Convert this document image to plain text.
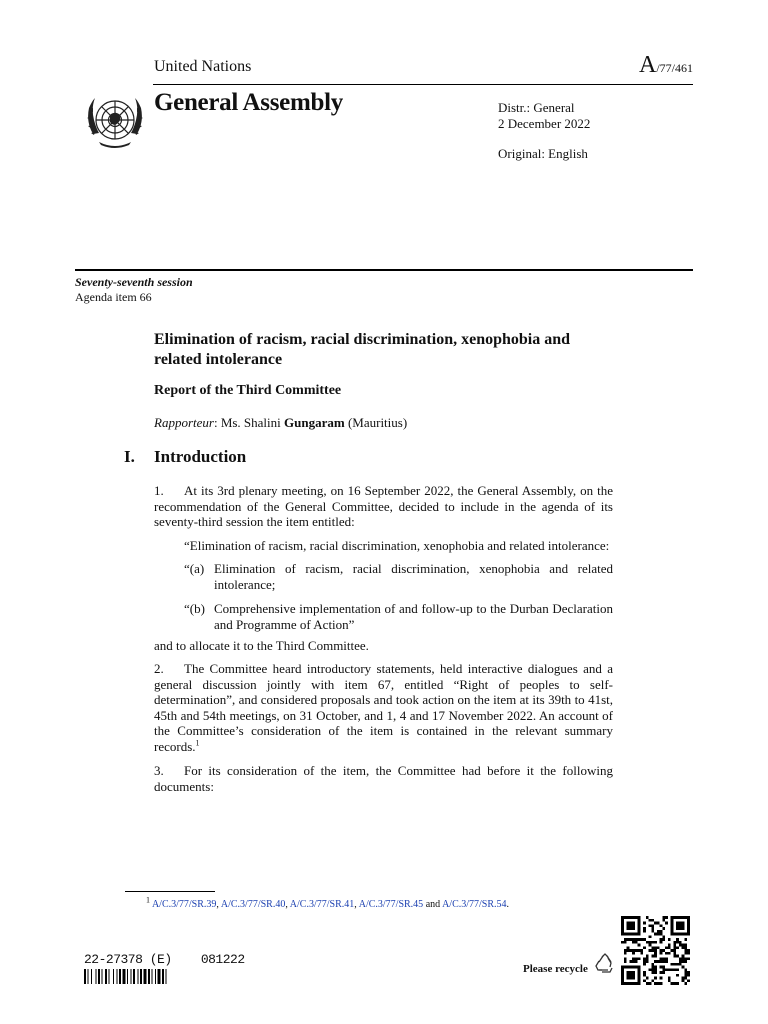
United Nations	A/77/461
General Assembly	Distr.: General
2 December 2022
Original: English
Seventy-seventh session
Agenda item 66
Elimination of racism, racial discrimination, xenophobia and related intolerance
Report of the Third Committee
Rapporteur: Ms. Shalini Gungaram (Mauritius)
I. Introduction
1. At its 3rd plenary meeting, on 16 September 2022, the General Assembly, on the recommendation of the General Committee, decided to include in the agenda of its seventy-third session the item entitled:
“Elimination of racism, racial discrimination, xenophobia and related intolerance:
“(a) Elimination of racism, racial discrimination, xenophobia and related intolerance;
“(b) Comprehensive implementation of and follow-up to the Durban Declaration and Programme of Action”
and to allocate it to the Third Committee.
2. The Committee heard introductory statements, held interactive dialogues and a general discussion jointly with item 67, entitled “Right of peoples to self-determination”, and considered proposals and took action on the item at its 39th to 41st, 45th and 54th meetings, on 31 October, and 1, 4 and 17 November 2022. An account of the Committee’s consideration of the item is contained in the relevant summary records.$^1$
3. For its consideration of the item, the Committee had before it the following documents:
$^1$ A/C.3/77/SR.39, A/C.3/77/SR.40, A/C.3/77/SR.41, A/C.3/77/SR.45 and A/C.3/77/SR.54.
22-27378 (E)    081222
Please recycle
